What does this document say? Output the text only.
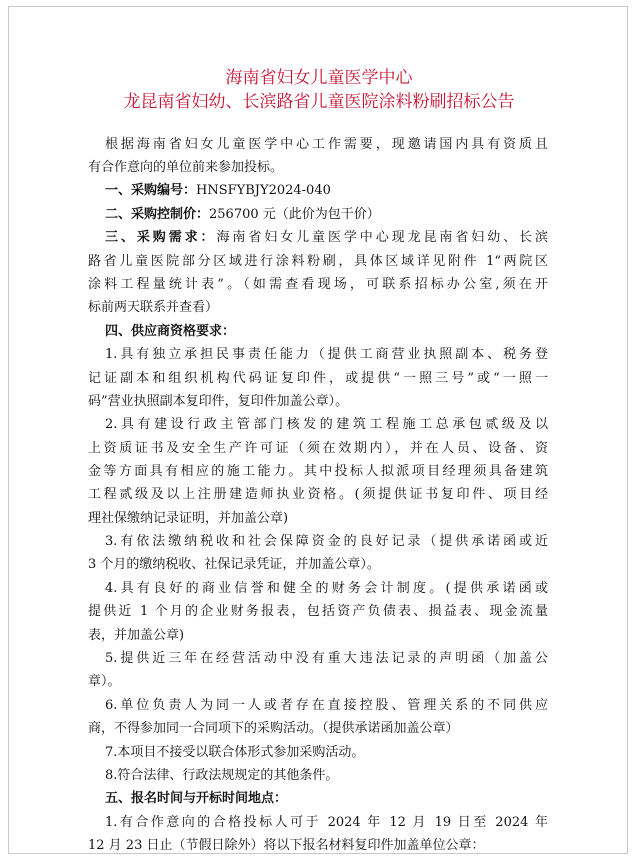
海南省妇女儿童医学中心
龙昆南省妇幼、长滨路省儿童医院涂料粉刷招标公告
根据海南省妇女儿童医学中心工作需要，现邀请国内具有资质且
有合作意向的单位前来参加投标。
一、采购编号：HNSFYBJY2024-040
二、采购控制价：256700 元（此价为包干价）
三、采购需求：海南省妇女儿童医学中心现龙昆南省妇幼、长滨
路省儿童医院部分区域进行涂料粉刷，具体区域详见附件 1“两院区
涂料工程量统计表”。（如需查看现场，可联系招标办公室,须在开
标前两天联系并查看）
四、供应商资格要求：
1.具有独立承担民事责任能力（提供工商营业执照副本、税务登
记证副本和组织机构代码证复印件，或提供“一照三号”或“一照一
码”营业执照副本复印件，复印件加盖公章）。
2.具有建设行政主管部门核发的建筑工程施工总承包贰级及以
上资质证书及安全生产许可证（须在效期内），并在人员、设备、资
金等方面具有相应的施工能力。其中投标人拟派项目经理须具备建筑
工程贰级及以上注册建造师执业资格。(须提供证书复印件、项目经
理社保缴纳记录证明，并加盖公章)
3.有依法缴纳税收和社会保障资金的良好记录（提供承诺函或近
3 个月的缴纳税收、社保记录凭证，并加盖公章）。
4.具有良好的商业信誉和健全的财务会计制度。(提供承诺函或
提供近 1 个月的企业财务报表，包括资产负债表、损益表、现金流量
表，并加盖公章)
5.提供近三年在经营活动中没有重大违法记录的声明函（加盖公
章）。
6.单位负责人为同一人或者存在直接控股、管理关系的不同供应
商，不得参加同一合同项下的采购活动。（提供承诺函加盖公章）
7.本项目不接受以联合体形式参加采购活动。
8.符合法律、行政法规规定的其他条件。
五、报名时间与开标时间地点：
1.有合作意向的合格投标人可于 2024 年 12 月 19 日至 2024 年
12 月 23 日止（节假日除外）将以下报名材料复印件加盖单位公章：
